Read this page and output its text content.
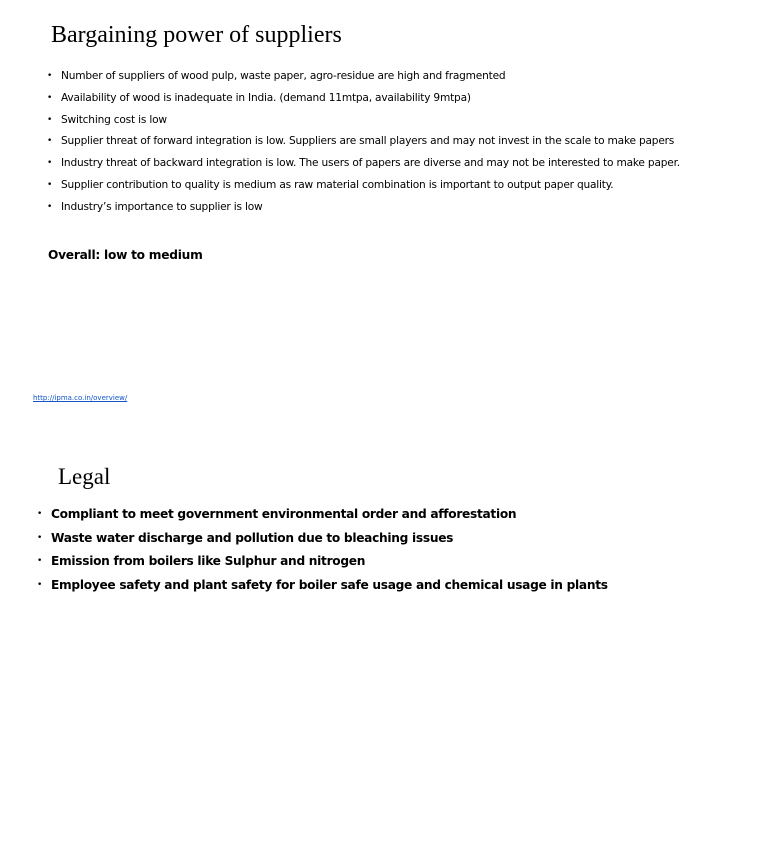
Bargaining power of suppliers
• Number of suppliers of wood pulp, waste paper, agro-residue are high and fragmented
• Availability of wood is inadequate in India. (demand 11mtpa, availability 9mtpa)
• Switching cost is low
• Supplier threat of forward integration is low. Suppliers are small players and may not invest in the scale to make papers
• Industry threat of backward integration is low. The users of papers are diverse and may not be interested to make paper.
• Supplier contribution to quality is medium as raw material combination is important to output paper quality.
• Industry’s importance to supplier is low
Overall: low to medium
http://ipma.co.in/overview/
Legal
• Compliant to meet government environmental order and afforestation
• Waste water discharge and pollution due to bleaching issues
• Emission from boilers like Sulphur and nitrogen
• Employee safety and plant safety for boiler safe usage and chemical usage in plants
